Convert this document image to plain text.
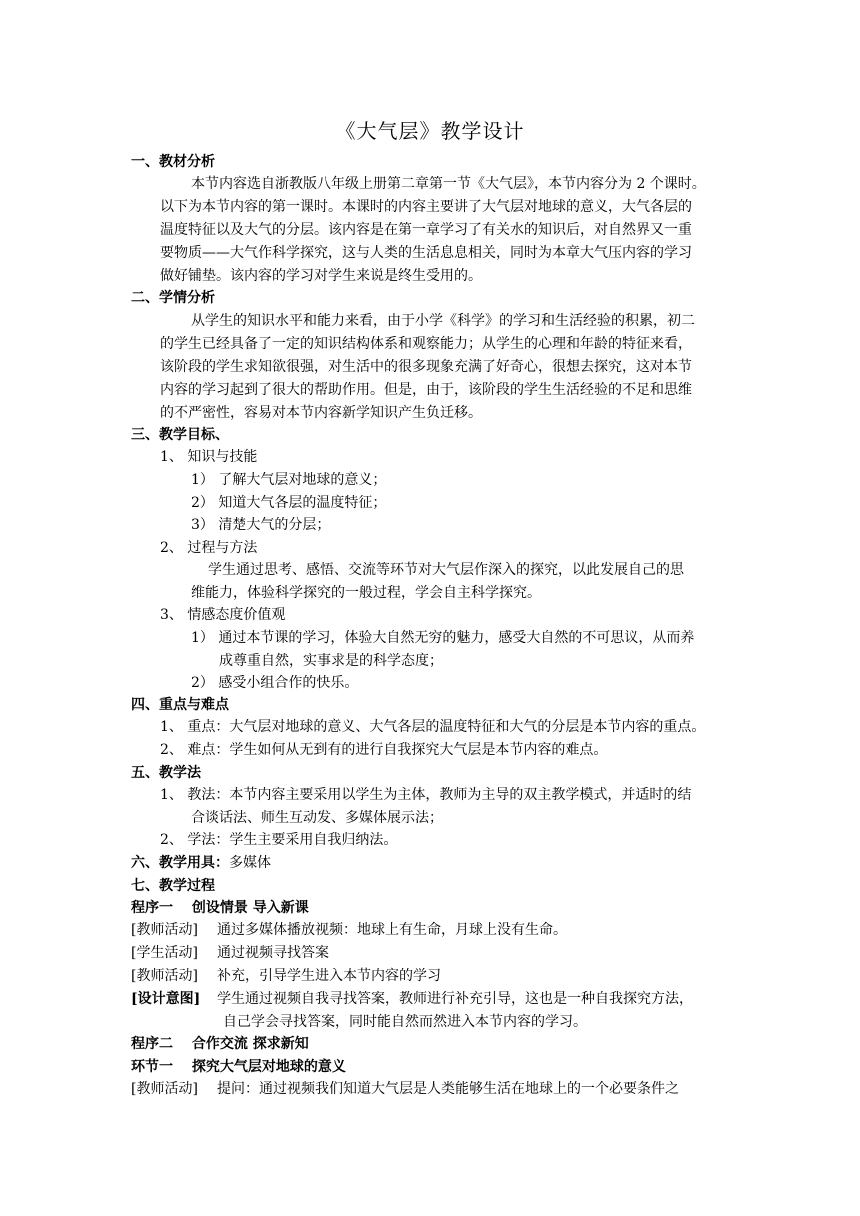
《大气层》教学设计
一、教材分析
本节内容选自浙教版八年级上册第二章第一节《大气层》，本节内容分为 2 个课时。
以下为本节内容的第一课时。本课时的内容主要讲了大气层对地球的意义，大气各层的
温度特征以及大气的分层。该内容是在第一章学习了有关水的知识后，对自然界又一重
要物质——大气作科学探究，这与人类的生活息息相关，同时为本章大气压内容的学习
做好铺垫。该内容的学习对学生来说是终生受用的。
二、学情分析
从学生的知识水平和能力来看，由于小学《科学》的学习和生活经验的积累，初二
的学生已经具备了一定的知识结构体系和观察能力；从学生的心理和年龄的特征来看，
该阶段的学生求知欲很强，对生活中的很多现象充满了好奇心，很想去探究，这对本节
内容的学习起到了很大的帮助作用。但是，由于，该阶段的学生生活经验的不足和思维
的不严密性，容易对本节内容新学知识产生负迁移。
三、教学目标、
1、 知识与技能
1） 了解大气层对地球的意义；
2） 知道大气各层的温度特征；
3） 清楚大气的分层；
2、 过程与方法
学生通过思考、感悟、交流等环节对大气层作深入的探究，以此发展自己的思
维能力，体验科学探究的一般过程，学会自主科学探究。
3、 情感态度价值观
1） 通过本节课的学习，体验大自然无穷的魅力，感受大自然的不可思议，从而养
成尊重自然，实事求是的科学态度；
2） 感受小组合作的快乐。
四、重点与难点
1、 重点：大气层对地球的意义、大气各层的温度特征和大气的分层是本节内容的重点。
2、 难点：学生如何从无到有的进行自我探究大气层是本节内容的难点。
五、教学法
1、 教法：本节内容主要采用以学生为主体，教师为主导的双主教学模式，并适时的结
合谈话法、师生互动发、多媒体展示法；
2、 学法：学生主要采用自我归纳法。
六、教学用具：多媒体
七、教学过程
程序一　 创设情景 导入新课
[教师活动] 通过多媒体播放视频：地球上有生命，月球上没有生命。
[学生活动] 通过视频寻找答案
[教师活动] 补充，引导学生进入本节内容的学习
[设计意图] 学生通过视频自我寻找答案，教师进行补充引导，这也是一种自我探究方法，
自己学会寻找答案，同时能自然而然进入本节内容的学习。
程序二　 合作交流 探求新知
环节一　 探究大气层对地球的意义
[教师活动] 提问：通过视频我们知道大气层是人类能够生活在地球上的一个必要条件之
